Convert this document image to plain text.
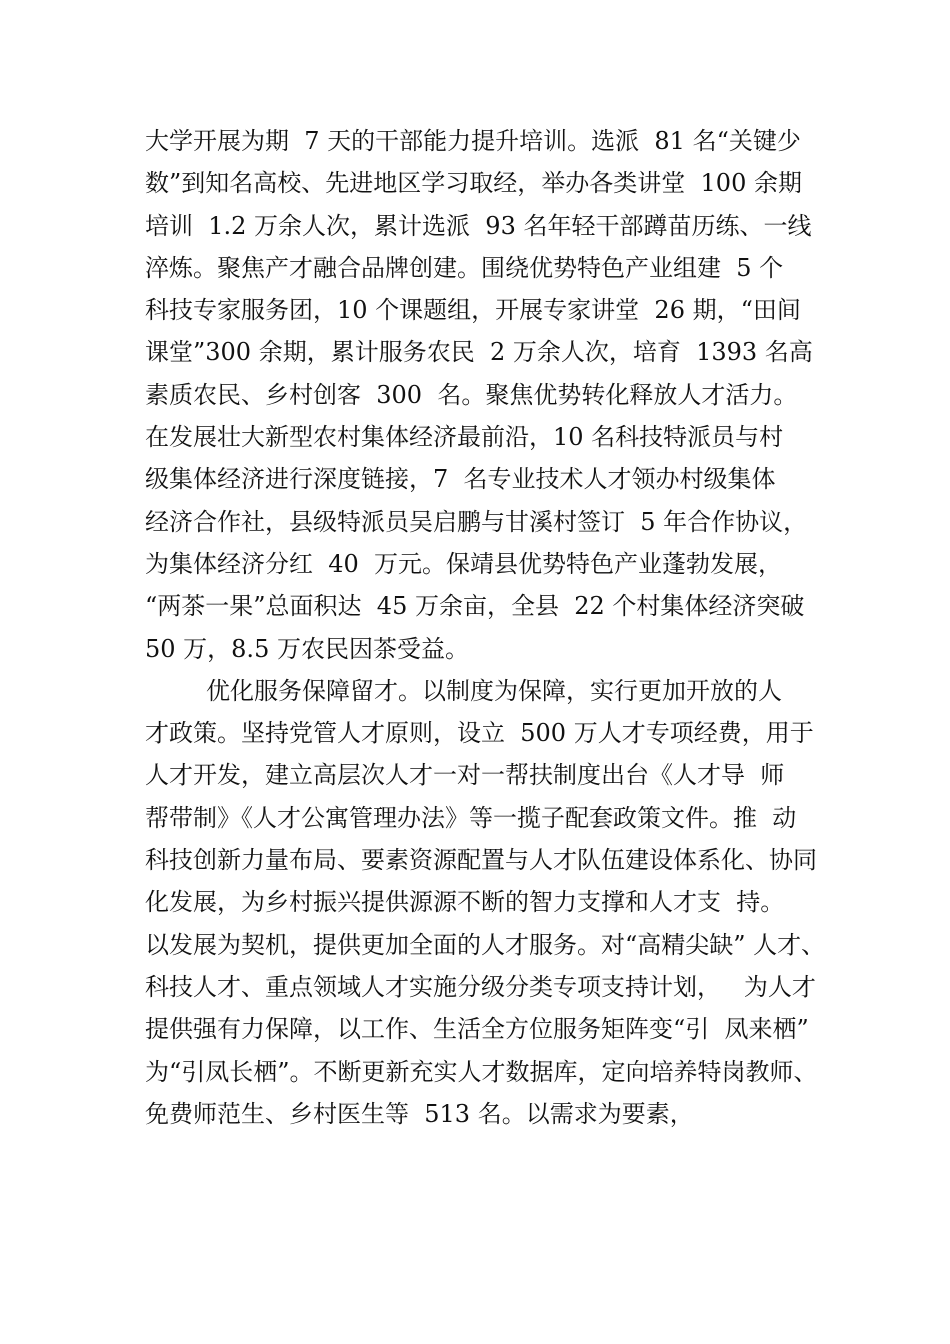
大学开展为期  7 天的干部能力提升培训。选派  81 名“关键少
数”到知名高校、先进地区学习取经，举办各类讲堂  100 余期
培训  1.2 万余人次，累计选派  93 名年轻干部蹲苗历练、一线
淬炼。聚焦产才融合品牌创建。围绕优势特色产业组建  5 个
科技专家服务团，10 个课题组，开展专家讲堂  26 期，“田间
课堂”300 余期，累计服务农民  2 万余人次，培育  1393 名高
素质农民、乡村创客  300  名。聚焦优势转化释放人才活力。
在发展壮大新型农村集体经济最前沿，10 名科技特派员与村
级集体经济进行深度链接，7  名专业技术人才领办村级集体
经济合作社，县级特派员吴启鹏与甘溪村签订  5 年合作协议，
为集体经济分红  40  万元。保靖县优势特色产业蓬勃发展，
“两茶一果”总面积达  45 万余亩，全县  22 个村集体经济突破
50 万，8.5 万农民因茶受益。
优化服务保障留才。以制度为保障，实行更加开放的人
才政策。坚持党管人才原则，设立  500 万人才专项经费，用于
人才开发，建立高层次人才一对一帮扶制度出台《人才导  师
帮带制》《人才公寓管理办法》等一揽子配套政策文件。推  动
科技创新力量布局、要素资源配置与人才队伍建设体系化、协同
化发展，为乡村振兴提供源源不断的智力支撑和人才支  持。
以发展为契机，提供更加全面的人才服务。对“高精尖缺” 人才、
科技人才、重点领域人才实施分级分类专项支持计划，   为人才
提供强有力保障，以工作、生活全方位服务矩阵变“引  凤来栖”
为“引凤长栖”。不断更新充实人才数据库，定向培养特岗教师、
免费师范生、乡村医生等  513 名。以需求为要素，
